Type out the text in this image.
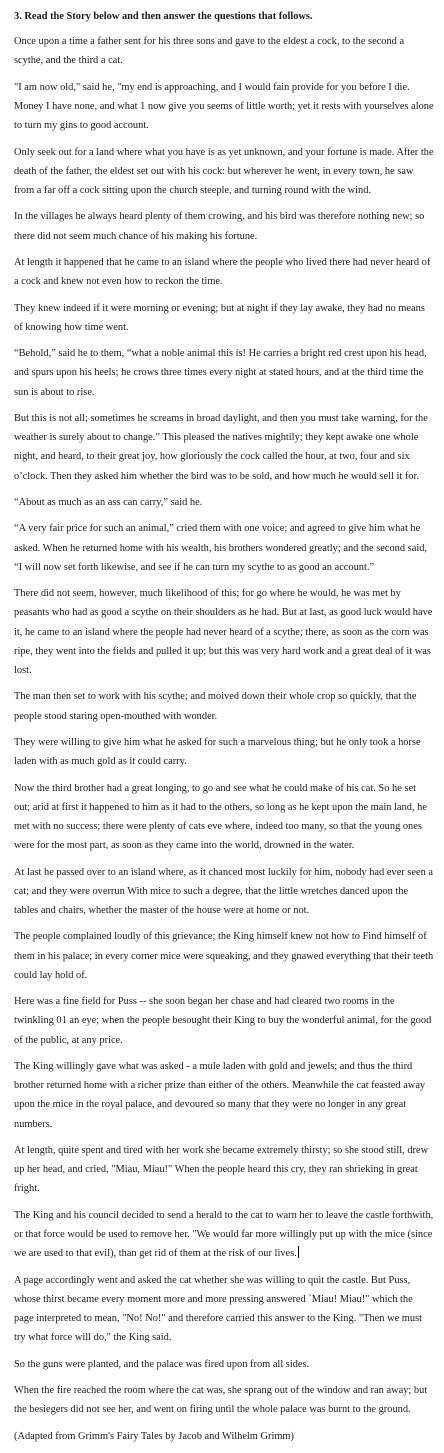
3. Read the Story below and then answer the questions that follows.

Once upon a time a father sent for his three sons and gave to the eldest a cock, to the second a scythe, and the third a cat.

"I am now old," said he, "my end is approaching, and I would fain provide for you before I die. Money I have none, and what 1 now give you seems of little worth; yet it rests with yourselves alone to turn my gins to good account.

Only seek out for a land where what you have is as yet unknown, and your fortune is made. After the death of the father, the eldest set out with his cock: but wherever he went, in every town, he saw from a far off a cock sitting upon the church steeple, and turning round with the wind.

In the villages he always heard plenty of them crowing, and his bird was therefore nothing new; so there did not seem much chance of his making his fortune.

At length it happened that he came to an island where the people who lived there had never heard of a cock and knew not even how to reckon the time.

They knew indeed if it were morning or evening; but at night if they lay awake, they had no means of knowing how time went.

“Behold,” said he to them, “what a noble animal this is! He carries a bright red crest upon his head, and spurs upon his heels; he crows three times every night at stated hours, and at the third time the sun is about to rise.

But this is not all; sometimes he screams in broad daylight, and then you must take warning, for the weather is surely about to change.” This pleased the natives mightily; they kept awake one whole night, and heard, to their great joy, how gloriously the cock called the hour, at two, four and six o’clock. Then they asked him whether the bird was to be sold, and how much he would sell it for.

“About as much as an ass can carry,” said he.

“A very fair price for such an animal,” cried them with one voice; and agreed to give him what he asked. When he returned home with his wealth, his brothers wondered greatly; and the second said, “I will now set forth likewise, and see if he can turn my scythe to as good an account.”

There did not seem, however, much likelihood of this; for go where he would, he was met by peasants who had as good a scythe on their shoulders as he had. But at last, as good luck would have it, he came to an island where the people had never heard of a scythe; there, as soon as the corn was ripe, they went into the fields and pulled it up; but this was very hard work and a great deal of it was lost.

The man then set to work with his scythe; and moived down their whole crop so quickly, that the people stood staring open-mouthed with wonder.

They were willing to give him what he asked for such a marvelous thing; but he only took a horse laden with as much gold as it could carry.

Now the third brother had a great longing, to go and see what he could make of his cat. So he set out; arid at first it happened to him as it had to the others, so long as he kept upon the main land, he met with no success; there were plenty of cats eve where, indeed too many, so that the young ones were for the most part, as soon as they came into the world, drowned in the water.

At last he passed over to an island where, as it chanced most luckily for him, nobody had ever seen a cat; and they were overrun With mice to such a degree, that the little wretches danced upon the tables and chairs, whether the master of the house were at home or not.

The people complained loudly of this grievance; the King himself knew not how to Find himself of them in his palace; in every corner mice were squeaking, and they gnawed everything that their teeth could lay hold of.

Here was a fine field for Puss -- she soon began her chase and had cleared two rooms in the twinkling 01 an eye; when the people besought their King to buy the wonderful animal, for the good of the public, at any price.

The King willingly gave what was asked - a mule laden with gold and jewels; and thus the third brother returned home with a richer prize than either of the others. Meanwhile the cat feasted away upon the mice in the royal palace, and devoured so many that they were no longer in any great numbers.

At length, quite spent and tired with her work she became extremely thirsty; so she stood still, drew up her head, and cried, "Miau, Miau!" When the people heard this cry, they ran shrieking in great fright.

The King and his council decided to send a herald to the cat to warn her to leave the castle forthwith, or that force would be used to remove her. "We would far more willingly put up with the mice (since we are used to that evil), than get rid of them at the risk of our lives.

A page accordingly went and asked the cat whether she was willing to quit the castle. But Puss, whose thirst became every moment more and more pressing answered `Miau! Miau!" which the page interpreted to mean, "No! No!" and therefore carried this answer to the King. "Then we must try what force will do," the King said.

So the guns were planted, and the palace was fired upon from all sides.

When the fire reached the room where the cat was, she sprang out of the window and ran away; but the besiegers did not see her, and went on firing until the whole palace was burnt to the ground.

(Adapted from Grimm's Fairy Tales by Jacob and Wilhelm Grimm)
